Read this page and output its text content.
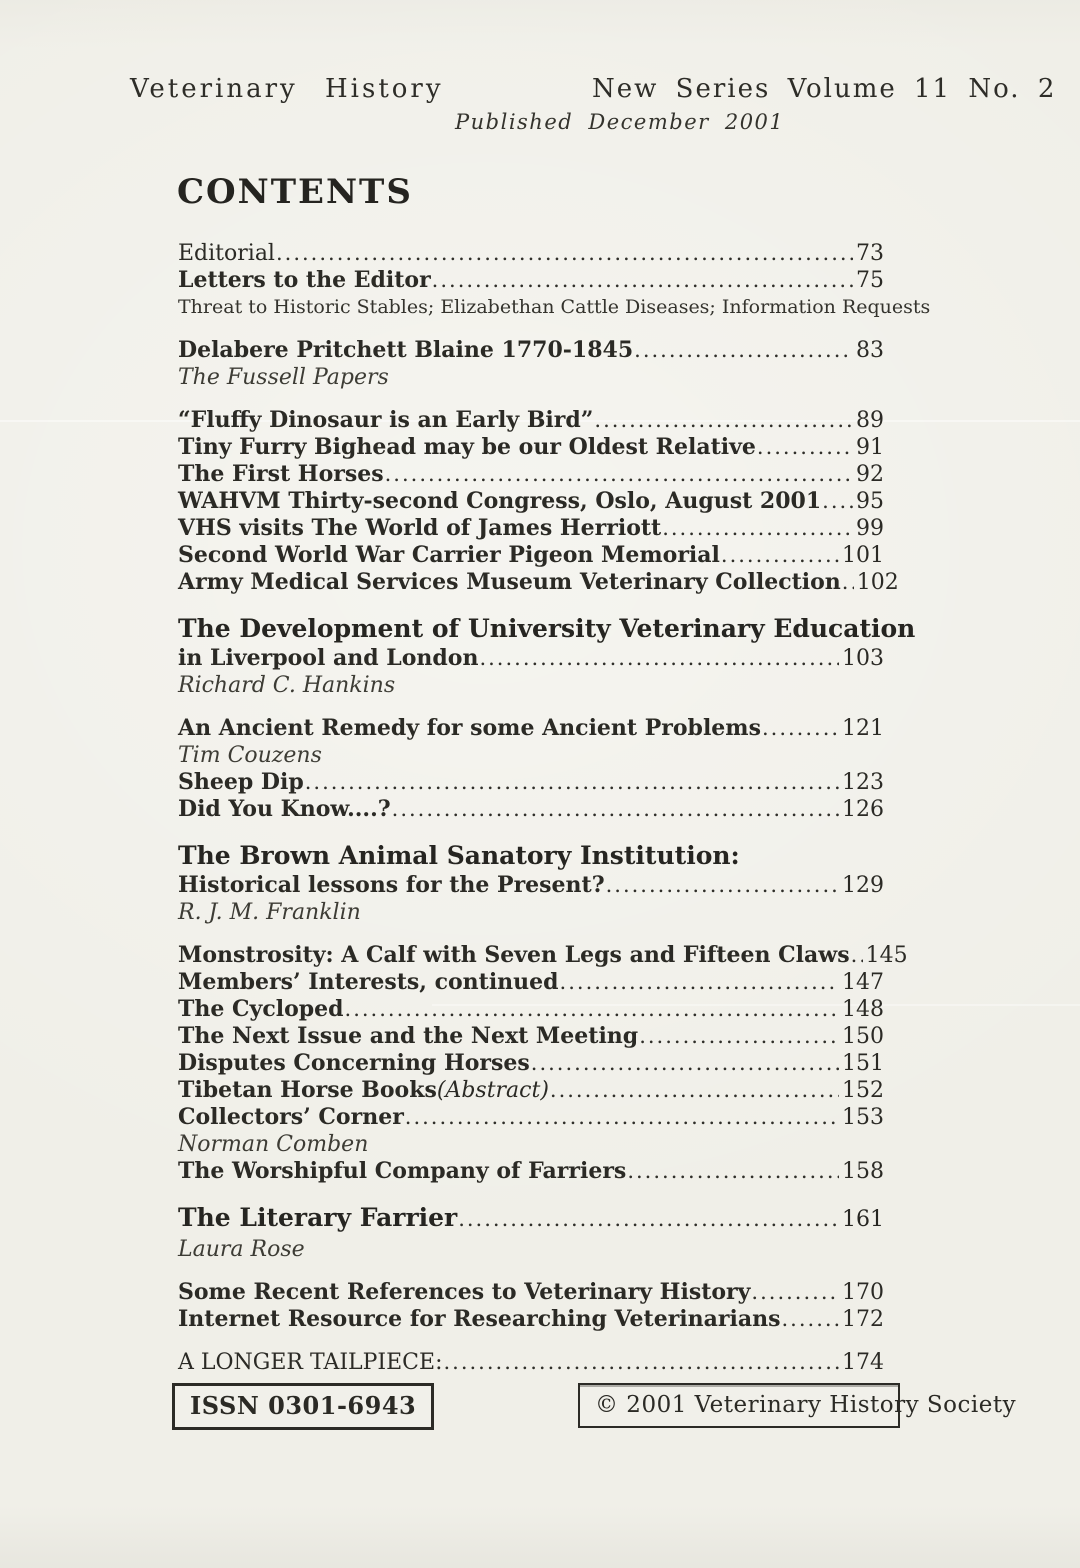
Veterinary History	New Series Volume 11 No. 2
Published December 2001
CONTENTS
Editorial .....	73
Letters to the Editor .....	75
Threat to Historic Stables; Elizabethan Cattle Diseases; Information Requests
Delabere Pritchett Blaine 1770-1845 .....	83
The Fussell Papers
“Fluffy Dinosaur is an Early Bird” .....	89
Tiny Furry Bighead may be our Oldest Relative .....	91
The First Horses .....	92
WAHVM Thirty-second Congress, Oslo, August 2001 ..... 95
VHS visits The World of James Herriott .....	99
Second World War Carrier Pigeon Memorial .....	101
Army Medical Services Museum Veterinary Collection ..... 102
The Development of University Veterinary Education
in Liverpool and London .....	103
Richard C. Hankins
An Ancient Remedy for some Ancient Problems .....	121
Tim Couzens
Sheep Dip .....	123
Did You Know....? .....	126
The Brown Animal Sanatory Institution:
Historical lessons for the Present? .....	129
R. J. M. Franklin
Monstrosity: A Calf with Seven Legs and Fifteen Claws ..... 145
Members’ Interests, continued .....	147
The Cycloped .....	148
The Next Issue and the Next Meeting .....	150
Disputes Concerning Horses .....	151
Tibetan Horse Books (Abstract) .....	152
Collectors’ Corner .....	153
Norman Comben
The Worshipful Company of Farriers .....	158
The Literary Farrier .....	161
Laura Rose
Some Recent References to Veterinary History .....	170
Internet Resource for Researching Veterinarians .....	172
A LONGER TAILPIECE: .....	174
ISSN 0301-6943	© 2001 Veterinary History Society
